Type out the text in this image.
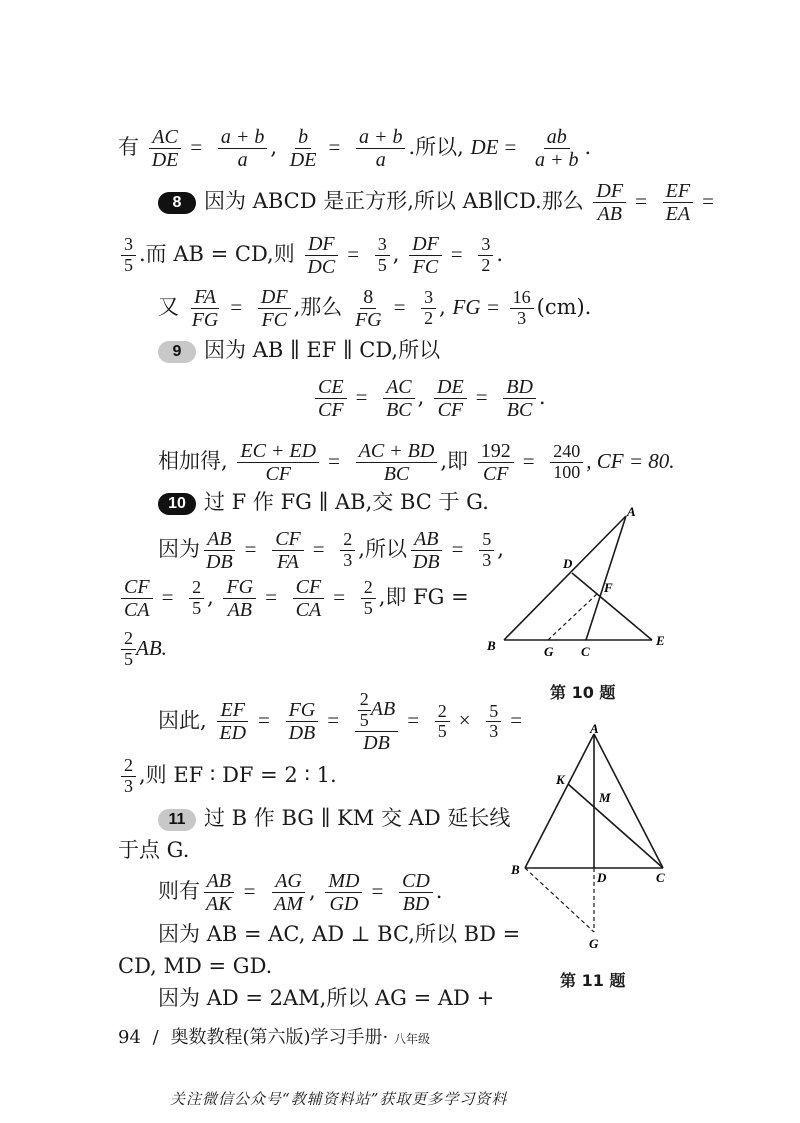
有 $\frac{AC}{DE} = \frac{a + b}{a}$ , $\frac{b}{DE} = \frac{a + b}{a}$ .所以, DE = $\frac{ab}{a + b}$ .
8 因为 ABCD 是正方形,所以 AB∥CD.那么 $\frac{DF}{AB} = \frac{EF}{EA}$ =
$\frac{3}{5}$ .而 AB = CD,则 $\frac{DF}{DC} = \frac{3}{5}$ , $\frac{DF}{FC} = \frac{3}{2}$ .
又 $\frac{FA}{FG} = \frac{DF}{FC}$ ,那么 $\frac{8}{FG} = \frac{3}{2}$ , FG = $\frac{16}{3} (cm)$.
9 因为 AB ∥ EF ∥ CD,所以
$\frac{CE}{CF} = \frac{AC}{BC}$ , $\frac{DE}{CF} = \frac{BD}{BC}$ .
相加得, $\frac{EC + ED}{CF} = \frac{AC + BD}{BC}$ ,即 $\frac{192}{CF} = \frac{240}{100}$ , CF = 80.
10 过 F 作 FG ∥ AB,交 BC 于 G.
因为 $\frac{AB}{DB} = \frac{CF}{FA} = \frac{2}{3}$ ,所以 $\frac{AB}{DB} = \frac{5}{3}$ ,
$\frac{CF}{CA} = \frac{2}{5}$ , $\frac{FG}{AB} = \frac{CF}{CA} = \frac{2}{5}$ ,即 FG =
$\frac{2}{5}$ AB.
因此, $\frac{EF}{ED} = \frac{FG}{DB} = \frac{\frac{2}{5} AB}{DB} = \frac{2}{5} \times \frac{5}{3}$ =
$\frac{2}{3}$ ,则 EF ∶ DF = 2 ∶ 1.
11 过 B 作 BG ∥ KM 交 AD 延长线
于点 G.
则有 $\frac{AB}{AK} = \frac{AG}{AM}$ , $\frac{MD}{GD} = \frac{CD}{BD}$ .
因为 AB = AC, AD ⊥ BC,所以 BD =
CD, MD = GD.
因为 AD = 2AM,所以 AG = AD +
A
D
F
B	G C
E
第 10 题
A
K
M
B
D	C
G
第 11 题
94 / 奥数教程(第六版)学习手册· 八年级
关注微信公众号“教辅资料站”获取更多学习资料
